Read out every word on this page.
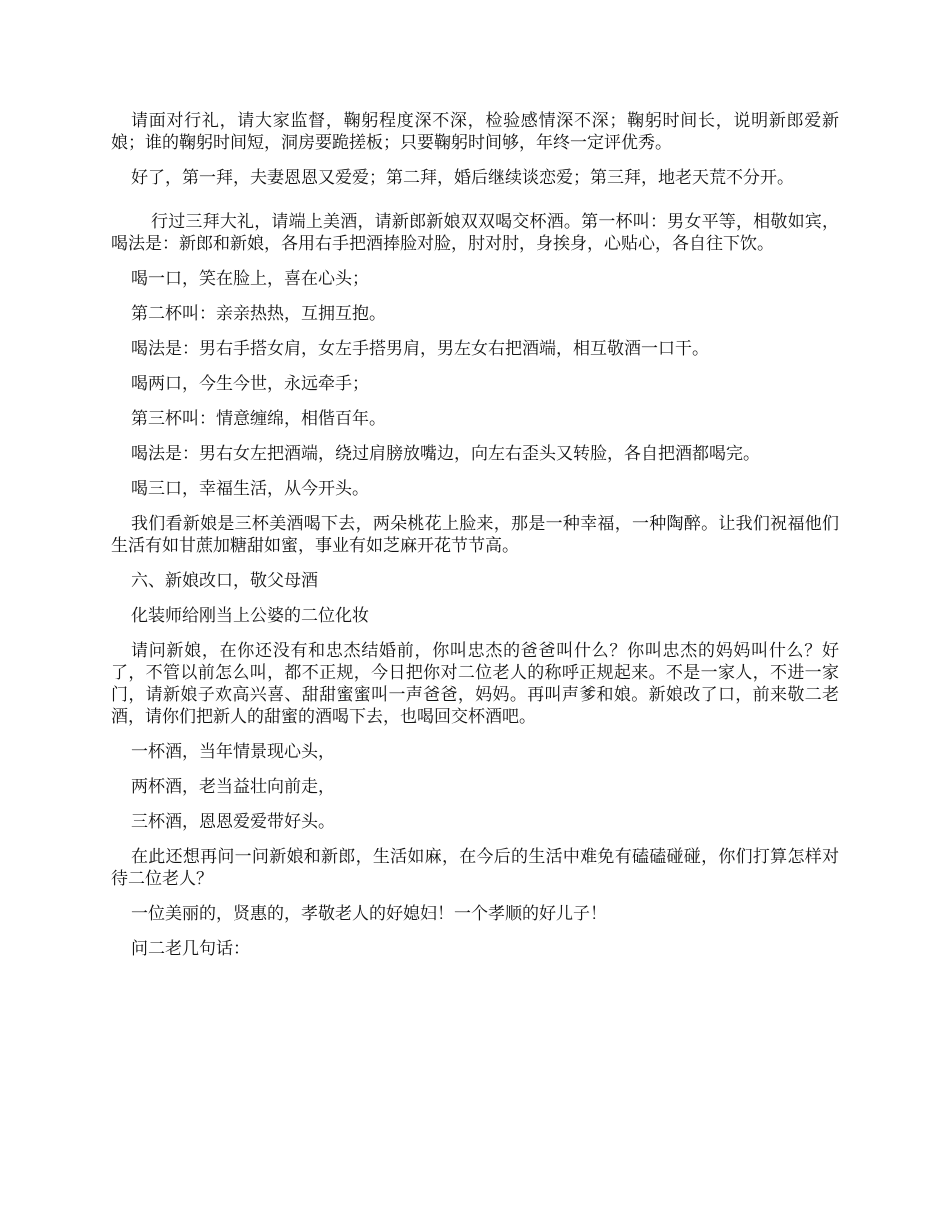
请面对行礼，请大家监督，鞠躬程度深不深，检验感情深不深；鞠躬时间长，说明新郎爱新娘；谁的鞠躬时间短，洞房要跪搓板；只要鞠躬时间够，年终一定评优秀。

好了，第一拜，夫妻恩恩又爱爱；第二拜，婚后继续谈恋爱；第三拜，地老天荒不分开。

行过三拜大礼，请端上美酒，请新郎新娘双双喝交杯酒。第一杯叫：男女平等，相敬如宾，喝法是：新郎和新娘，各用右手把酒捧脸对脸，肘对肘，身挨身，心贴心，各自往下饮。

喝一口，笑在脸上，喜在心头；

第二杯叫：亲亲热热，互拥互抱。

喝法是：男右手搭女肩，女左手搭男肩，男左女右把酒端，相互敬酒一口干。

喝两口，今生今世，永远牵手；

第三杯叫：情意缠绵，相偕百年。

喝法是：男右女左把酒端，绕过肩膀放嘴边，向左右歪头又转脸，各自把酒都喝完。

喝三口，幸福生活，从今开头。

我们看新娘是三杯美酒喝下去，两朵桃花上脸来，那是一种幸福，一种陶醉。让我们祝福他们生活有如甘蔗加糖甜如蜜，事业有如芝麻开花节节高。

六、新娘改口，敬父母酒

化装师给刚当上公婆的二位化妆

请问新娘，在你还没有和忠杰结婚前，你叫忠杰的爸爸叫什么？你叫忠杰的妈妈叫什么？好了，不管以前怎么叫，都不正规，今日把你对二位老人的称呼正规起来。不是一家人，不进一家门，请新娘子欢高兴喜、甜甜蜜蜜叫一声爸爸，妈妈。再叫声爹和娘。新娘改了口，前来敬二老酒，请你们把新人的甜蜜的酒喝下去，也喝回交杯酒吧。

一杯酒，当年情景现心头，

两杯酒，老当益壮向前走，

三杯酒，恩恩爱爱带好头。

在此还想再问一问新娘和新郎，生活如麻，在今后的生活中难免有磕磕碰碰，你们打算怎样对待二位老人？

一位美丽的，贤惠的，孝敬老人的好媳妇！一个孝顺的好儿子！

问二老几句话：
